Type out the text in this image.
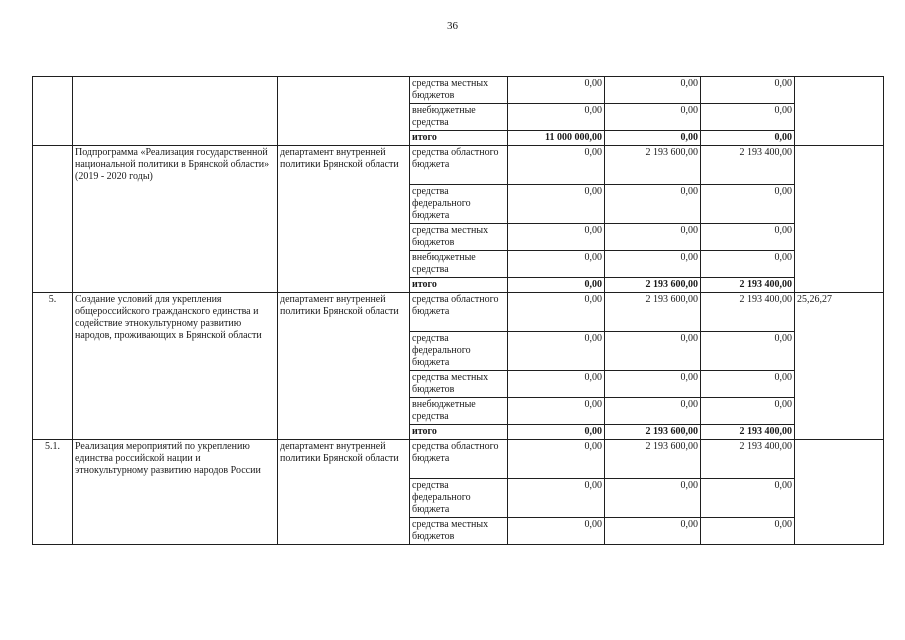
36
			средства местных бюджетов	0,00	0,00	0,00	
			внебюджетные средства	0,00	0,00	0,00	
			итого	11 000 000,00	0,00	0,00	
	Подпрограмма «Реализация государственной национальной политики в Брянской области» (2019 - 2020 годы)	департамент внутренней политики Брянской области	средства областного бюджета	0,00	2 193 600,00	2 193 400,00	
			средства федерального бюджета	0,00	0,00	0,00	
			средства местных бюджетов	0,00	0,00	0,00	
			внебюджетные средства	0,00	0,00	0,00	
			итого	0,00	2 193 600,00	2 193 400,00	
5.	Создание условий для укрепления общероссийского гражданского единства и содействие этнокультурному развитию народов, проживающих в Брянской области	департамент внутренней политики Брянской области	средства областного бюджета	0,00	2 193 600,00	2 193 400,00	25,26,27
			средства федерального бюджета	0,00	0,00	0,00	
			средства местных бюджетов	0,00	0,00	0,00	
			внебюджетные средства	0,00	0,00	0,00	
			итого	0,00	2 193 600,00	2 193 400,00	
5.1.	Реализация мероприятий по укреплению единства российской нации и этнокультурному развитию народов России	департамент внутренней политики Брянской области	средства областного бюджета	0,00	2 193 600,00	2 193 400,00	
			средства федерального бюджета	0,00	0,00	0,00	
			средства местных бюджетов	0,00	0,00	0,00	
